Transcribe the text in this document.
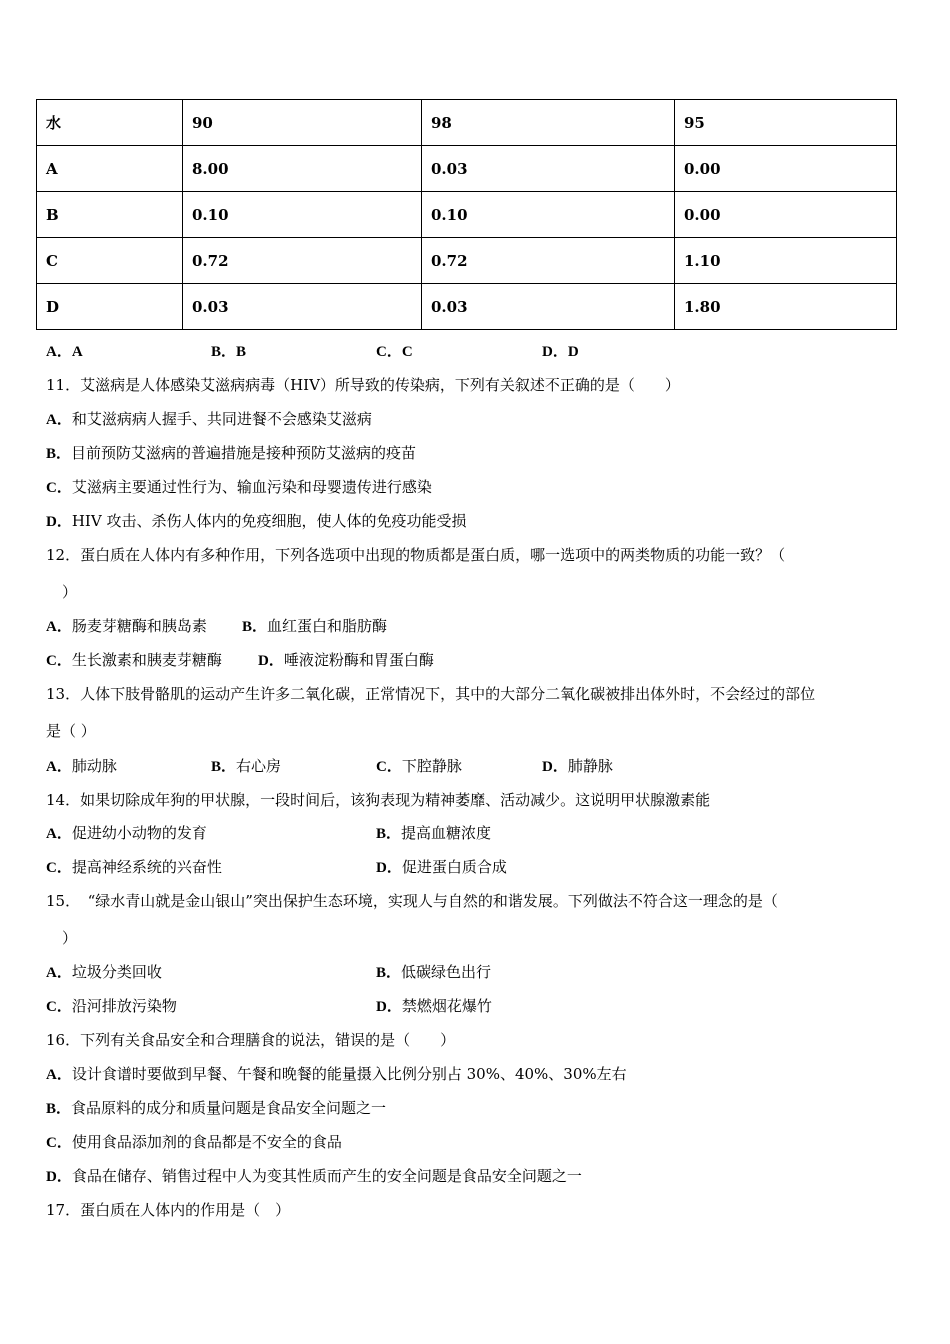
水	90	98	95
A	8.00	0.03	0.00
B	0.10	0.10	0.00
C	0.72	0.72	1.10
D	0.03	0.03	1.80
A．A	B．B	C．C	D．D
11．艾滋病是人体感染艾滋病病毒（HIV）所导致的传染病，下列有关叙述不正确的是（　　）
A．和艾滋病病人握手、共同进餐不会感染艾滋病
B．目前预防艾滋病的普遍措施是接种预防艾滋病的疫苗
C．艾滋病主要通过性行为、输血污染和母婴遗传进行感染
D．HIV 攻击、杀伤人体内的免疫细胞，使人体的免疫功能受损
12．蛋白质在人体内有多种作用，下列各选项中出现的物质都是蛋白质，哪一选项中的两类物质的功能一致？（
）
A．肠麦芽糖酶和胰岛素 B．血红蛋白和脂肪酶
C．生长激素和胰麦芽糖酶 D．唾液淀粉酶和胃蛋白酶
13．人体下肢骨骼肌的运动产生许多二氧化碳，正常情况下，其中的大部分二氧化碳被排出体外时，不会经过的部位
是（ ）
A．肺动脉	B．右心房	C．下腔静脉	D．肺静脉
14．如果切除成年狗的甲状腺，一段时间后，该狗表现为精神萎靡、活动减少。这说明甲状腺激素能
A．促进幼小动物的发育	B．提高血糖浓度
C．提高神经系统的兴奋性	D．促进蛋白质合成
15．　“绿水青山就是金山银山”突出保护生态环境，实现人与自然的和谐发展。下列做法不符合这一理念的是（
）
A．垃圾分类回收	B．低碳绿色出行
C．沿河排放污染物	D．禁燃烟花爆竹
16．下列有关食品安全和合理膳食的说法，错误的是（　　）
A．设计食谱时要做到早餐、午餐和晚餐的能量摄入比例分别占 30%、40%、30%左右
B．食品原料的成分和质量问题是食品安全问题之一
C．使用食品添加剂的食品都是不安全的食品
D．食品在储存、销售过程中人为变其性质而产生的安全问题是食品安全问题之一
17．蛋白质在人体内的作用是（　）
